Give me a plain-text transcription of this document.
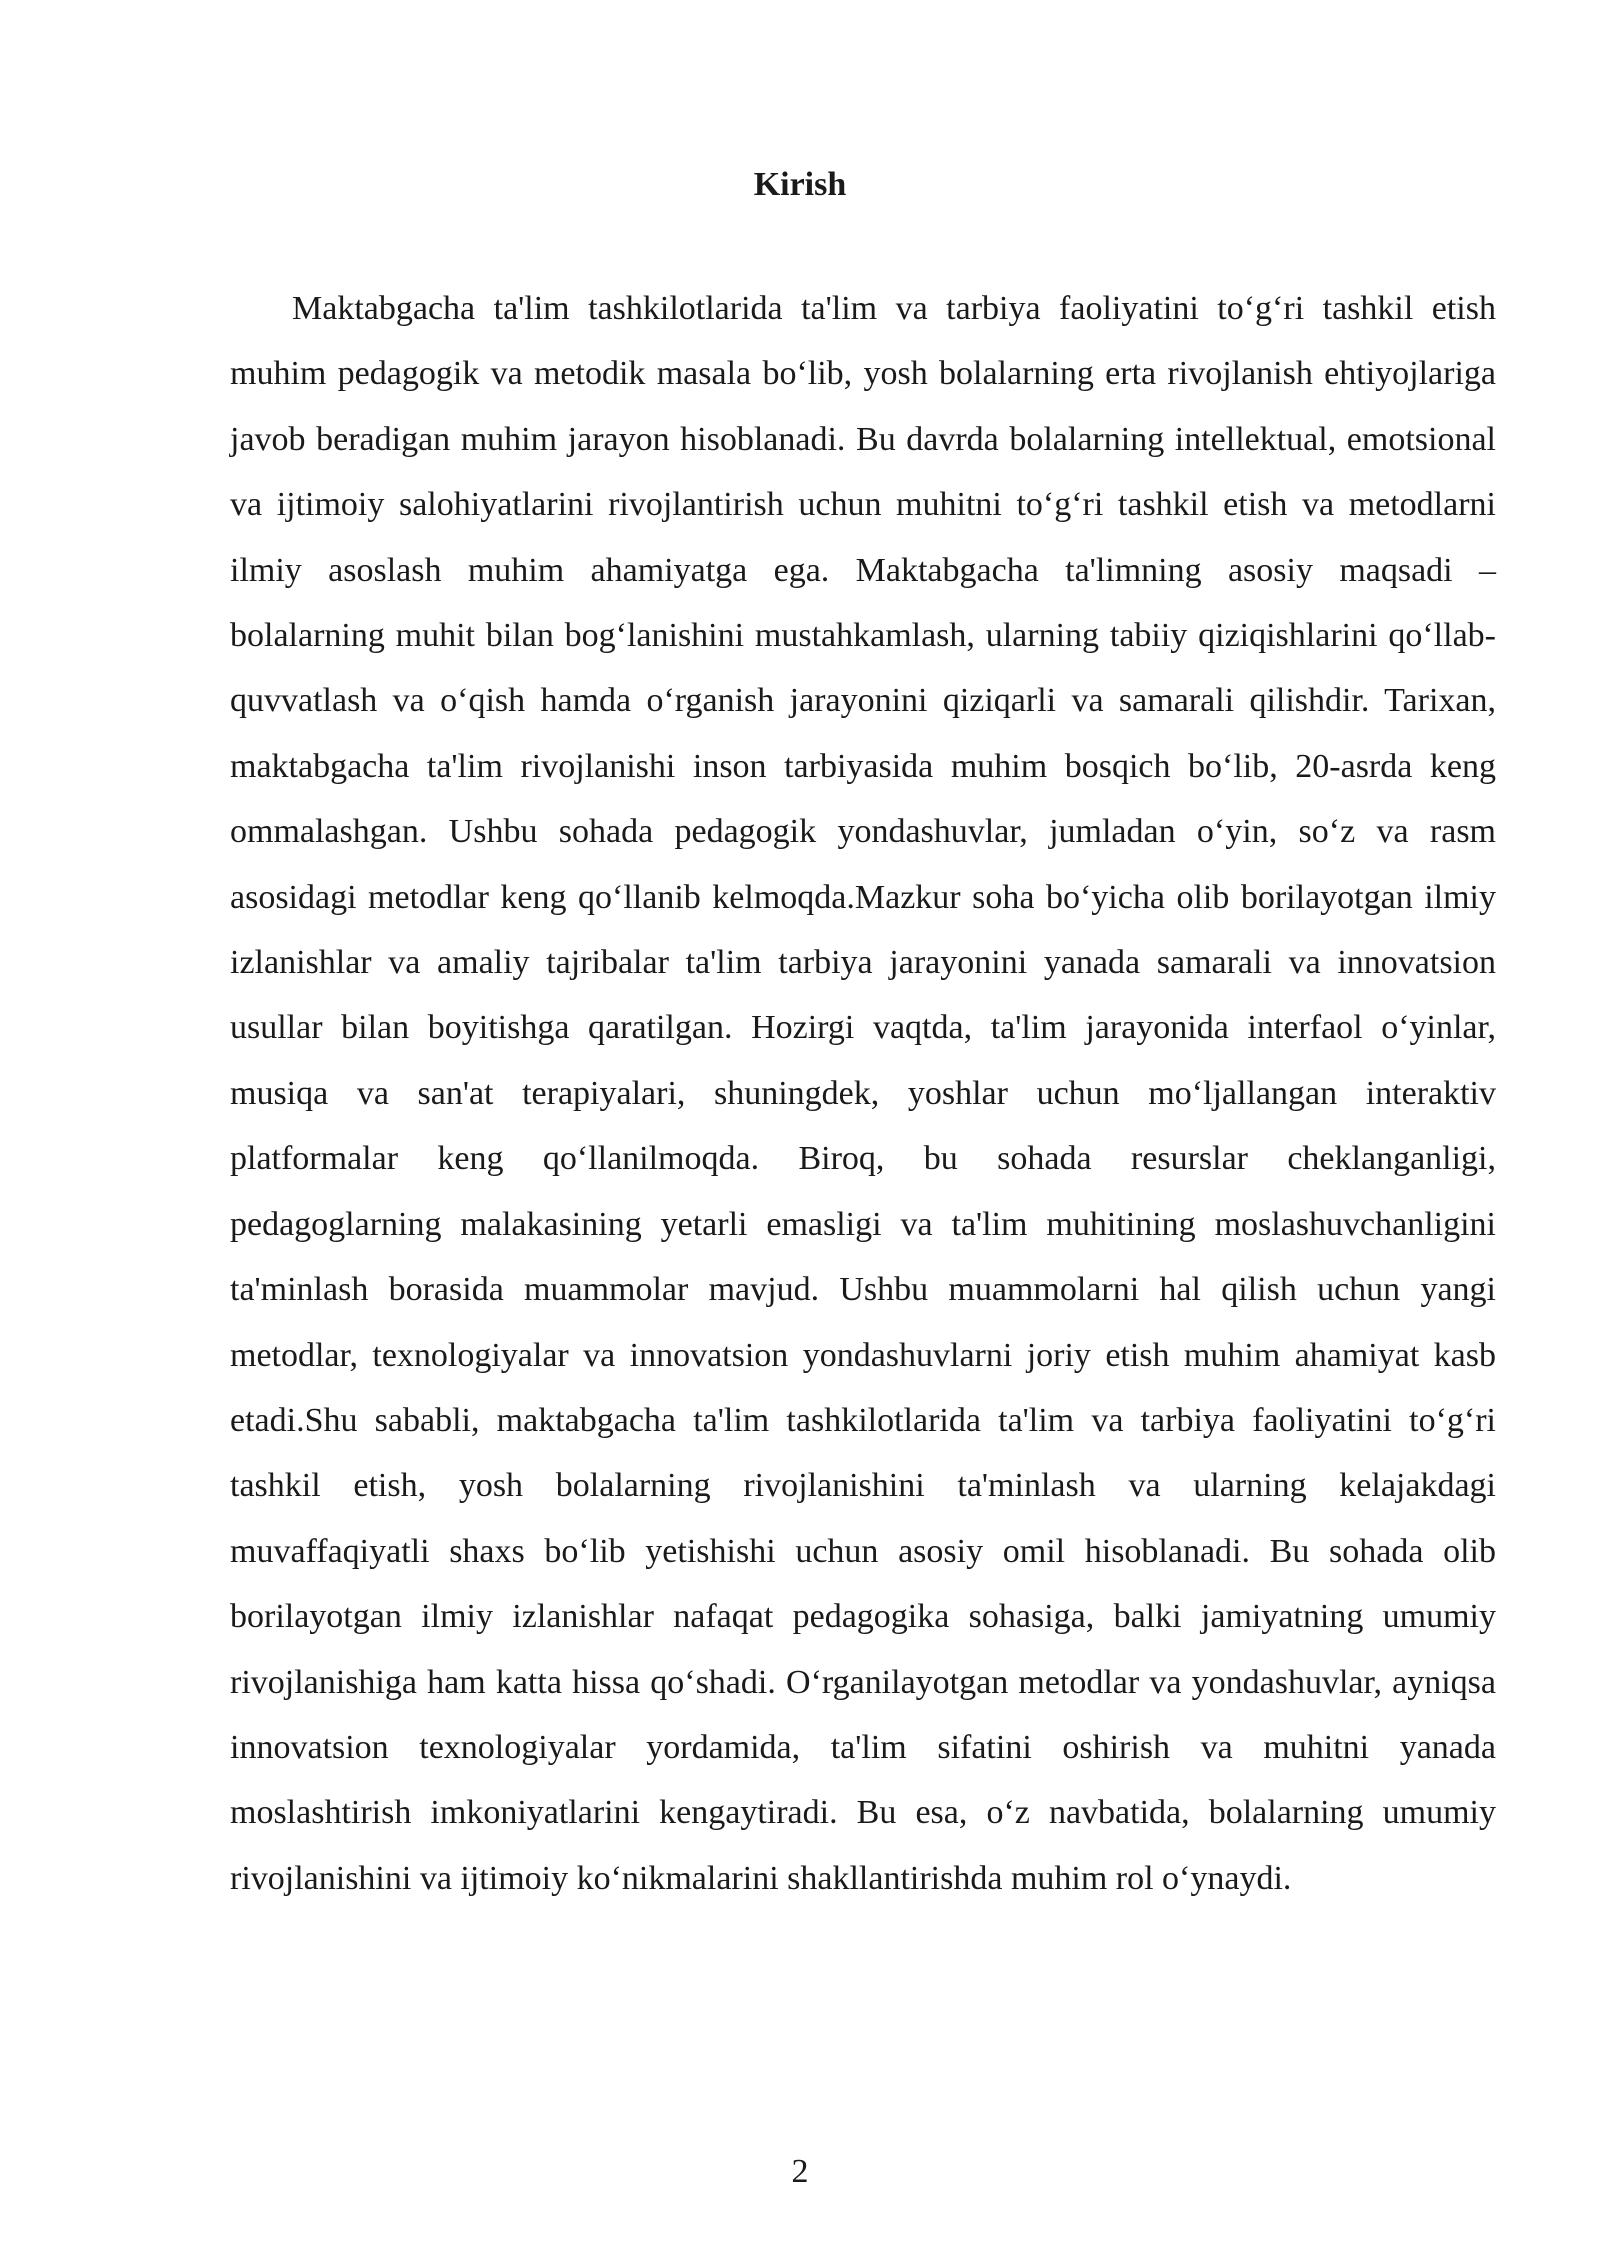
Kirish

Maktabgacha ta'lim tashkilotlarida ta'lim va tarbiya faoliyatini to‘g‘ri tashkil etish muhim pedagogik va metodik masala bo‘lib, yosh bolalarning erta rivojlanish ehtiyojlariga javob beradigan muhim jarayon hisoblanadi. Bu davrda bolalarning intellektual, emotsional va ijtimoiy salohiyatlarini rivojlantirish uchun muhitni to‘g‘ri tashkil etish va metodlarni ilmiy asoslash muhim ahamiyatga ega. Maktabgacha ta'limning asosiy maqsadi – bolalarning muhit bilan bog‘lanishini mustahkamlash, ularning tabiiy qiziqishlarini qo‘llab-quvvatlash va o‘qish hamda o‘rganish jarayonini qiziqarli va samarali qilishdir. Tarixan, maktabgacha ta'lim rivojlanishi inson tarbiyasida muhim bosqich bo‘lib, 20-asrda keng ommalashgan. Ushbu sohada pedagogik yondashuvlar, jumladan o‘yin, so‘z va rasm asosidagi metodlar keng qo‘llanib kelmoqda.Mazkur soha bo‘yicha olib borilayotgan ilmiy izlanishlar va amaliy tajribalar ta'lim tarbiya jarayonini yanada samarali va innovatsion usullar bilan boyitishga qaratilgan. Hozirgi vaqtda, ta'lim jarayonida interfaol o‘yinlar, musiqa va san'at terapiyalari, shuningdek, yoshlar uchun mo‘ljallangan interaktiv platformalar keng qo‘llanilmoqda. Biroq, bu sohada resurslar cheklanganligi, pedagoglarning malakasining yetarli emasligi va ta'lim muhitining moslashuvchanligini ta'minlash borasida muammolar mavjud. Ushbu muammolarni hal qilish uchun yangi metodlar, texnologiyalar va innovatsion yondashuvlarni joriy etish muhim ahamiyat kasb etadi.Shu sababli, maktabgacha ta'lim tashkilotlarida ta'lim va tarbiya faoliyatini to‘g‘ri tashkil etish, yosh bolalarning rivojlanishini ta'minlash va ularning kelajakdagi muvaffaqiyatli shaxs bo‘lib yetishishi uchun asosiy omil hisoblanadi. Bu sohada olib borilayotgan ilmiy izlanishlar nafaqat pedagogika sohasiga, balki jamiyatning umumiy rivojlanishiga ham katta hissa qo‘shadi. O‘rganilayotgan metodlar va yondashuvlar, ayniqsa innovatsion texnologiyalar yordamida, ta'lim sifatini oshirish va muhitni yanada moslashtirish imkoniyatlarini kengaytiradi. Bu esa, o‘z navbatida, bolalarning umumiy rivojlanishini va ijtimoiy ko‘nikmalarini shakllantirishda muhim rol o‘ynaydi.

2
